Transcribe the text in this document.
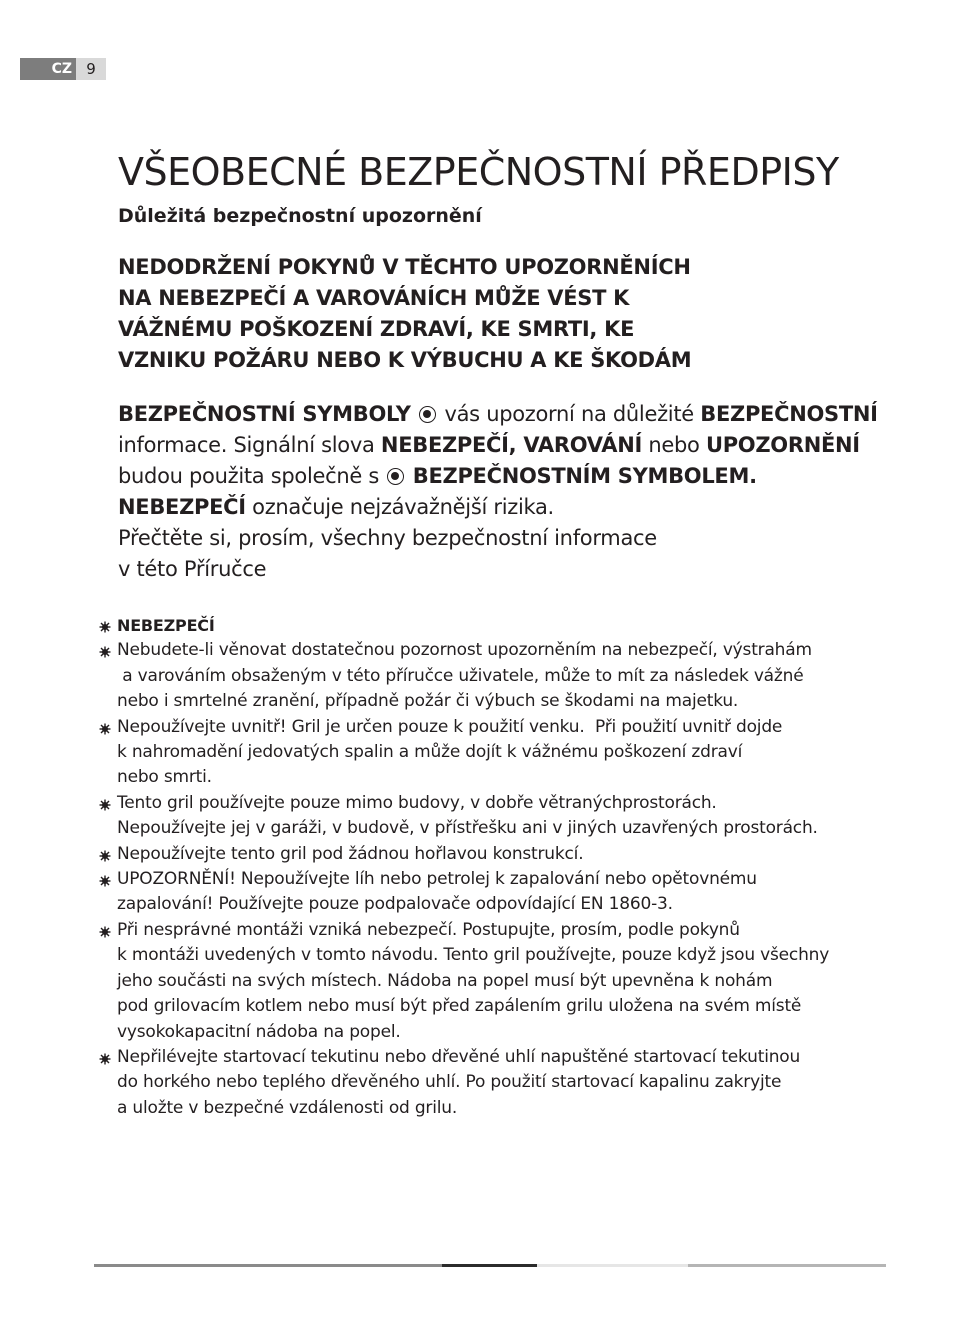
CZ 9
VŠEOBECNÉ BEZPEČNOSTNÍ PŘEDPISY
Důležitá bezpečnostní upozornění
NEDODRŽENÍ POKYNŮ V TĚCHTO UPOZORNĚNÍCH
NA NEBEZPEČÍ A VAROVÁNÍCH MŮŽE VÉST K
VÁŽNÉMU POŠKOZENÍ ZDRAVÍ, KE SMRTI, KE
VZNIKU POŽÁRU NEBO K VÝBUCHU A KE ŠKODÁM
BEZPEČNOSTNÍ SYMBOLY  vás upozorní na důležité BEZPEČNOSTNÍ
informace. Signální slova NEBEZPEČÍ, VAROVÁNÍ nebo UPOZORNĚNÍ
budou použita společně s  BEZPEČNOSTNÍM SYMBOLEM.
NEBEZPEČÍ označuje nejzávažnější rizika.
Přečtěte si, prosím, všechny bezpečnostní informace
v této Příručce
NEBEZPEČÍ
Nebudete-li věnovat dostatečnou pozornost upozorněním na nebezpečí, výstrahám
a varováním obsaženým v této příručce uživatele, může to mít za následek vážné
nebo i smrtelné zranění, případně požár či výbuch se škodami na majetku.
Nepoužívejte uvnitř! Gril je určen pouze k použití venku.  Při použití uvnitř dojde
k nahromadění jedovatých spalin a může dojít k vážnému poškození zdraví
nebo smrti.
Tento gril používejte pouze mimo budovy, v dobře větranýchprostorách.
Nepoužívejte jej v garáži, v budově, v přístřešku ani v jiných uzavřených prostorách.
Nepoužívejte tento gril pod žádnou hořlavou konstrukcí.
UPOZORNĚNÍ! Nepoužívejte líh nebo petrolej k zapalování nebo opětovnému
zapalování! Používejte pouze podpalovače odpovídající EN 1860-3.
Při nesprávné montáži vzniká nebezpečí. Postupujte, prosím, podle pokynů
k montáži uvedených v tomto návodu. Tento gril používejte, pouze když jsou všechny
jeho součásti na svých místech. Nádoba na popel musí být upevněna k nohám
pod grilovacím kotlem nebo musí být před zapálením grilu uložena na svém místě
vysokokapacitní nádoba na popel.
Nepřilévejte startovací tekutinu nebo dřevěné uhlí napuštěné startovací tekutinou
do horkého nebo teplého dřevěného uhlí. Po použití startovací kapalinu zakryjte
a uložte v bezpečné vzdálenosti od grilu.
